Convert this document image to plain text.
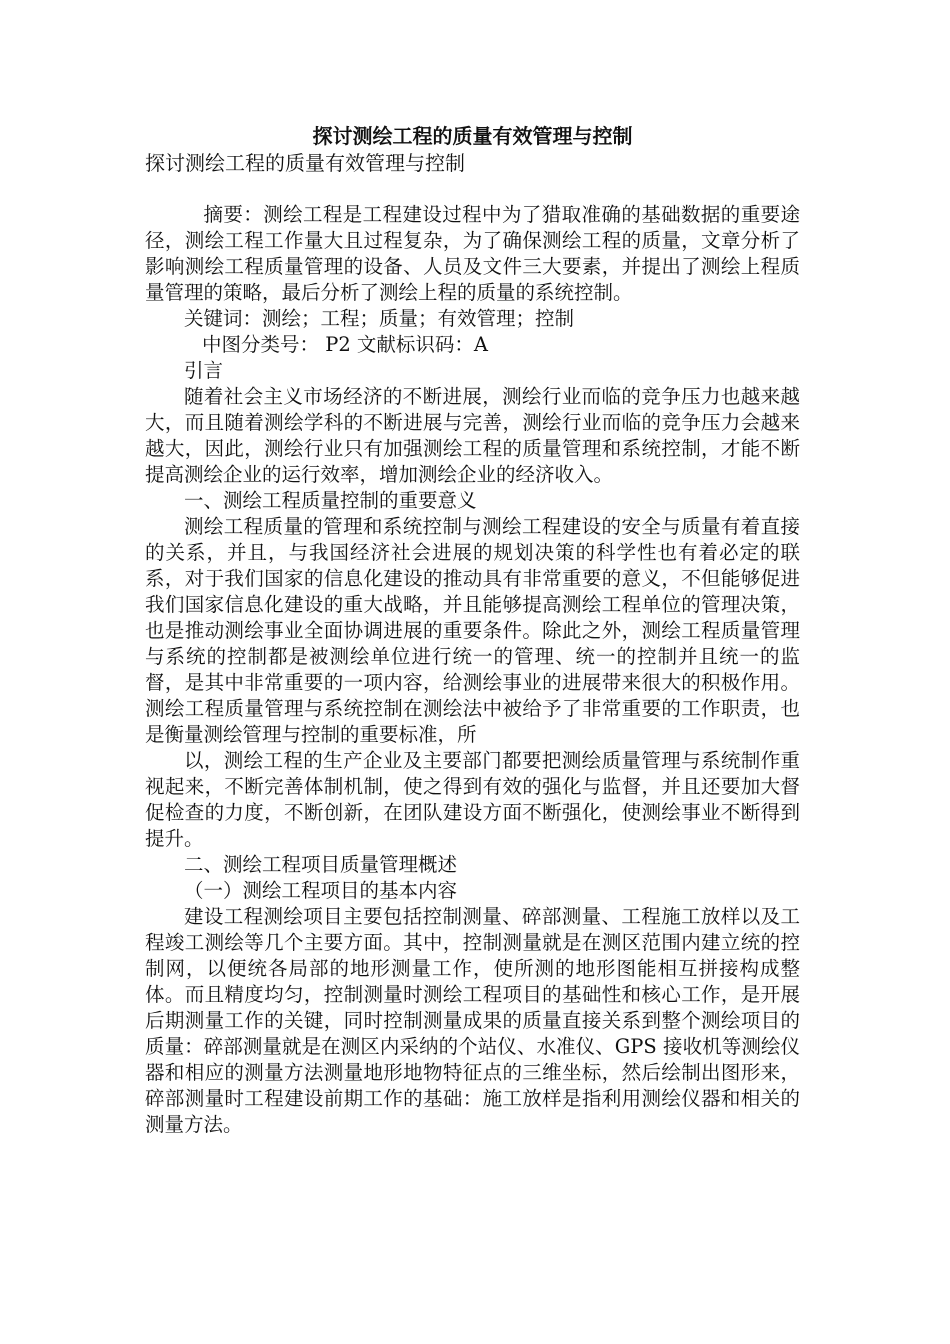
探讨测绘工程的质量有效管理与控制

探讨测绘工程的质量有效管理与控制

摘要：测绘工程是工程建设过程中为了猎取准确的基础数据的重要途径，测绘工程工作量大且过程复杂，为了确保测绘工程的质量，文章分析了影响测绘工程质量管理的设备、人员及文件三大要素，并提出了测绘上程质量管理的策略，最后分析了测绘上程的质量的系统控制。

关键词：测绘；工程；质量；有效管理；控制

中图分类号： P2 文献标识码：A

引言

随着社会主义市场经济的不断进展，测绘行业而临的竞争压力也越来越大，而且随着测绘学科的不断进展与完善，测绘行业而临的竞争压力会越来越大，因此，测绘行业只有加强测绘工程的质量管理和系统控制，才能不断提高测绘企业的运行效率，增加测绘企业的经济收入。

一、测绘工程质量控制的重要意义

测绘工程质量的管理和系统控制与测绘工程建设的安全与质量有着直接的关系，并且，与我国经济社会进展的规划决策的科学性也有着必定的联系，对于我们国家的信息化建设的推动具有非常重要的意义，不但能够促进我们国家信息化建设的重大战略，并且能够提高测绘工程单位的管理决策，也是推动测绘事业全面协调进展的重要条件。除此之外，测绘工程质量管理与系统的控制都是被测绘单位进行统一的管理、统一的控制并且统一的监督，是其中非常重要的一项内容，给测绘事业的进展带来很大的积极作用。测绘工程质量管理与系统控制在测绘法中被给予了非常重要的工作职责，也是衡量测绘管理与控制的重要标准，所

以，测绘工程的生产企业及主要部门都要把测绘质量管理与系统制作重视起来，不断完善体制机制，使之得到有效的强化与监督，并且还要加大督促检查的力度，不断创新，在团队建设方面不断强化，使测绘事业不断得到提升。

二、测绘工程项目质量管理概述

（一）测绘工程项目的基本内容

建设工程测绘项目主要包括控制测量、碎部测量、工程施工放样以及工程竣工测绘等几个主要方面。其中，控制测量就是在测区范围内建立统的控制网，以便统各局部的地形测量工作，使所测的地形图能相互拼接构成整体。而且精度均匀，控制测量时测绘工程项目的基础性和核心工作，是开展后期测量工作的关键，同时控制测量成果的质量直接关系到整个测绘项目的质量：碎部测量就是在测区内采纳的个站仪、水准仪、GPS 接收机等测绘仪器和相应的测量方法测量地形地物特征点的三维坐标，然后绘制出图形来，碎部测量时工程建设前期工作的基础：施工放样是指利用测绘仪器和相关的测量方法。
